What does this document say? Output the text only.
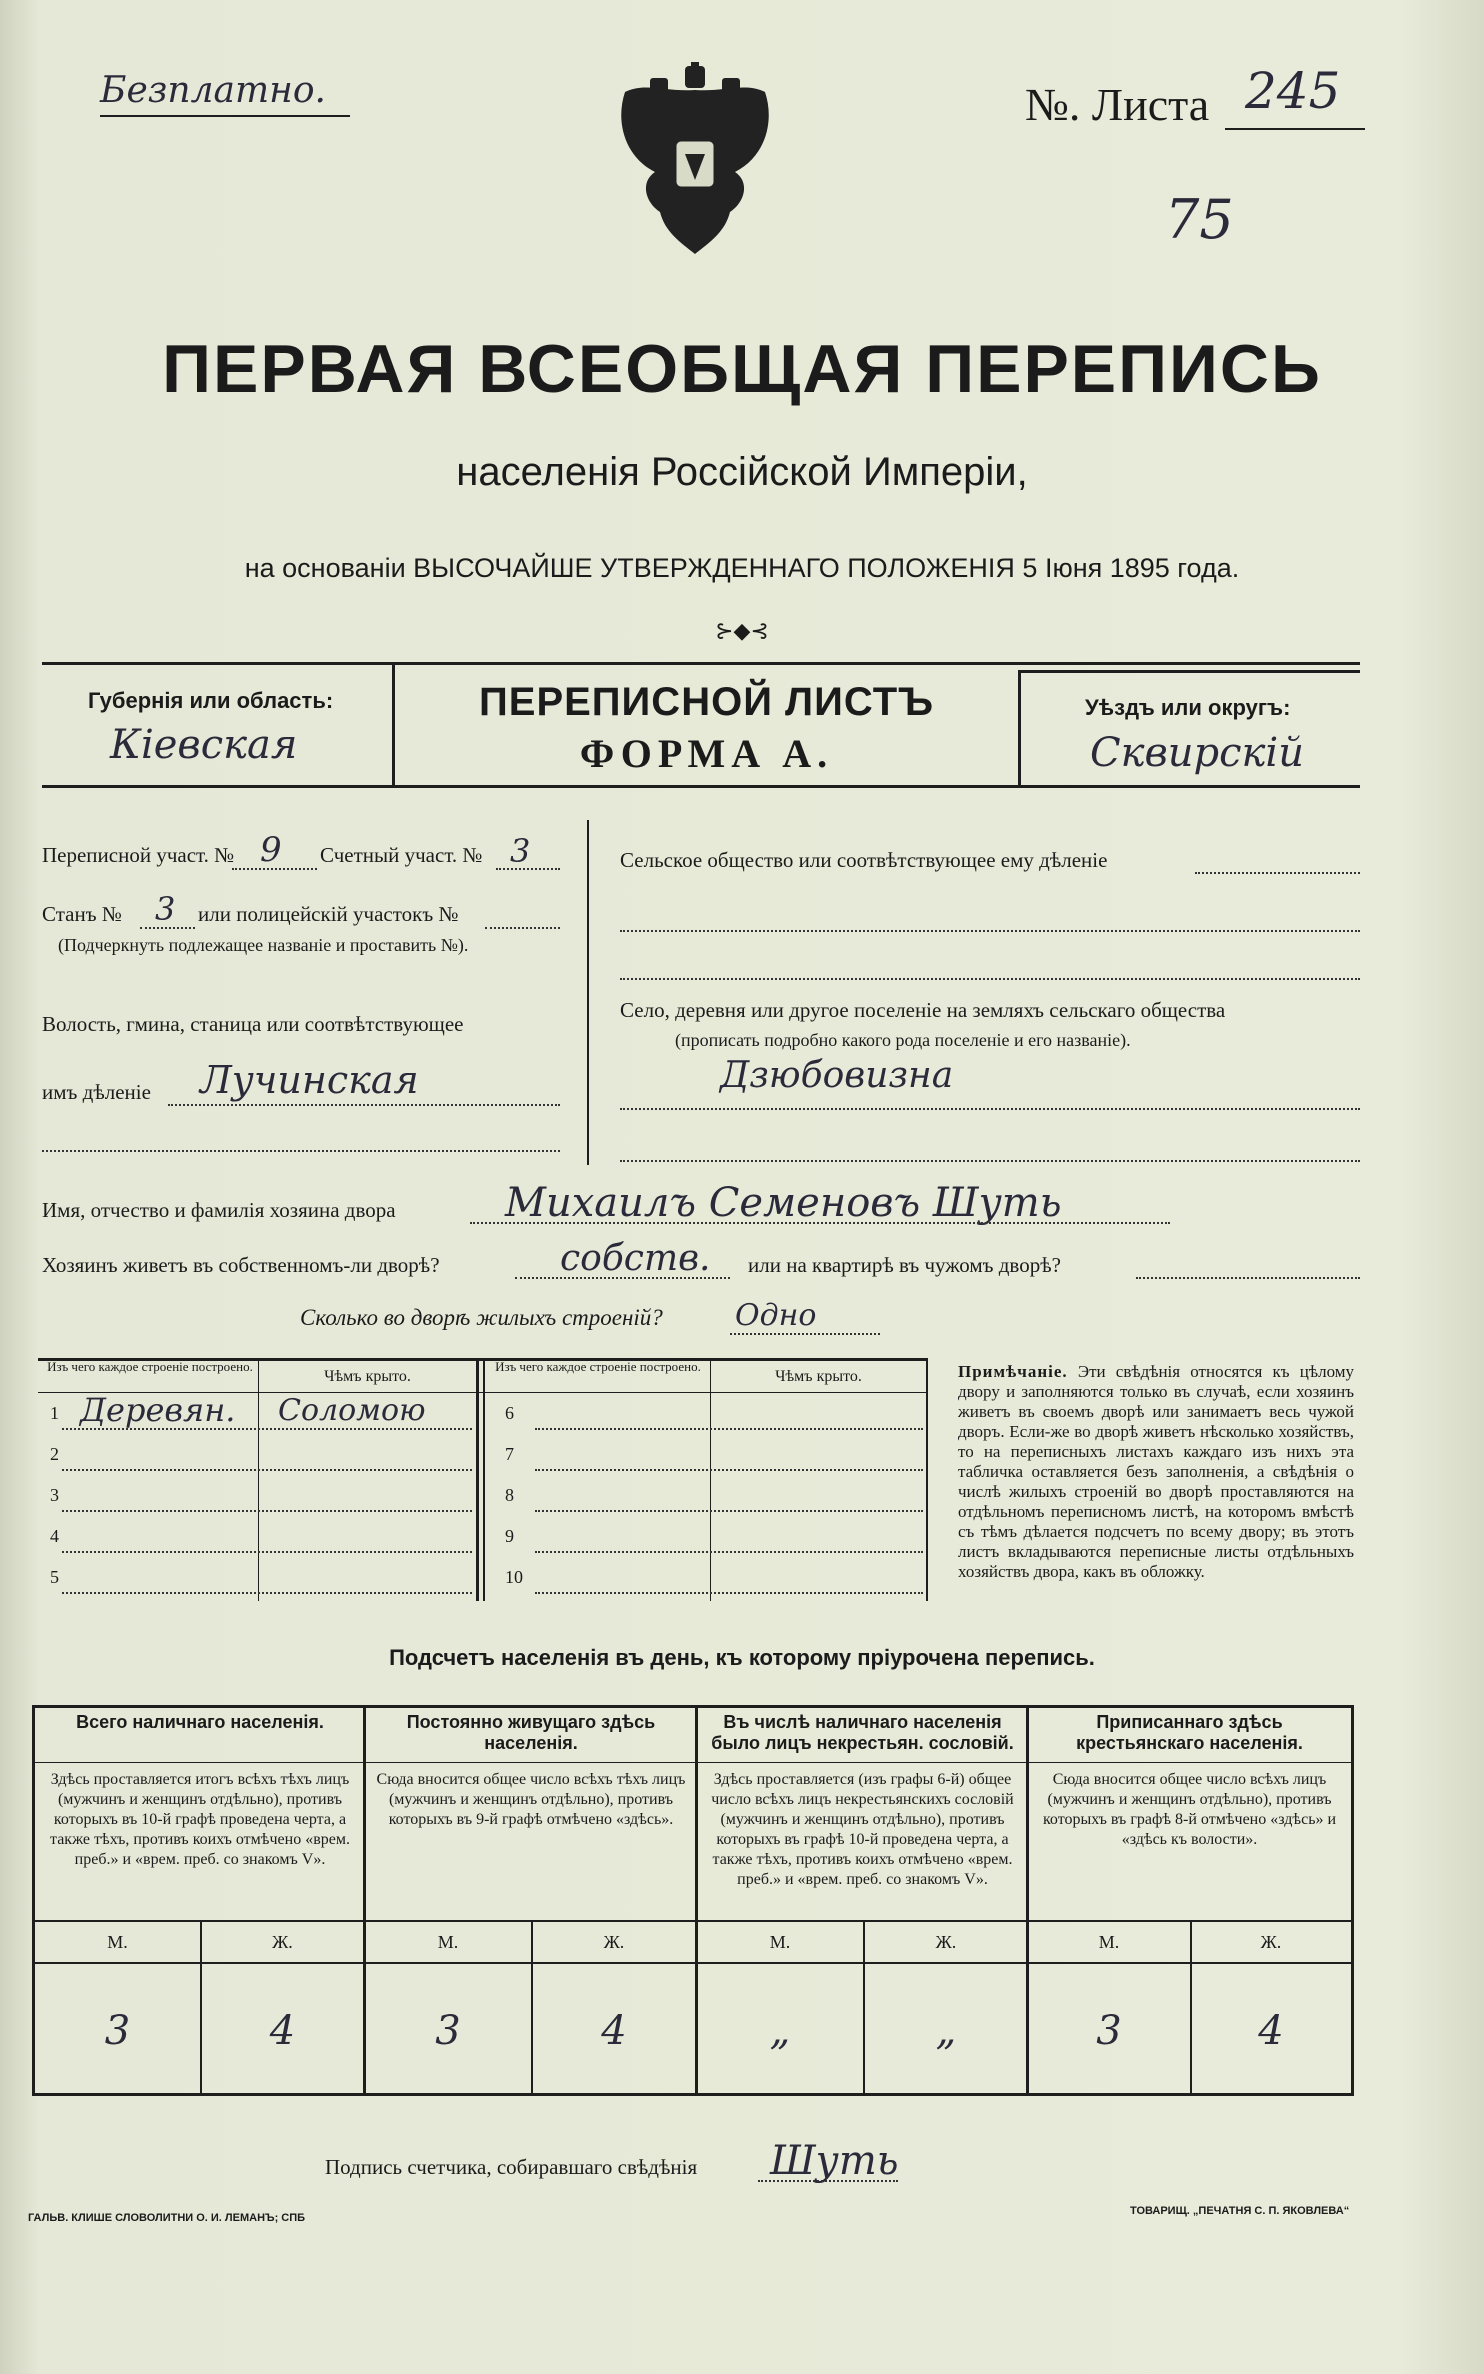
Безплатно.	№. Листа 245
75
ПЕРВАЯ ВСЕОБЩАЯ ПЕРЕПИСЬ
населенія Россійской Имперіи,
на основаніи ВЫСОЧАЙШЕ УТВЕРЖДЕННАГО ПОЛОЖЕНІЯ 5 Іюня 1895 года.
⊱◆⊰
Губернія или область:
Кіевская
ПЕРЕПИСНОЙ ЛИСТЪ
ФОРМА А.
Уѣздъ или округъ:
Сквирскій
Переписной участ. № 9 Счетный участ. № 3
Станъ № 3 или полицейскій участокъ №
(Подчеркнуть подлежащее названіе и проставить №).
Волость, гмина, станица или соотвѣтствующее
имъ дѣленіе Лучинская
Сельское общество или соотвѣтствующее ему дѣленіе
Село, деревня или другое поселеніе на земляхъ сельскаго общества
(прописать подробно какого рода поселеніе и его названіе).
Дзюбовизна
Имя, отчество и фамилія хозяина двора	Михаилъ Семеновъ Шуть
Хозяинъ живетъ въ собственномъ-ли дворѣ?	собств. или на квартирѣ въ чужомъ дворѣ?
Сколько во дворѣ жилыхъ строеній? Одно
Изъ чего каждое строеніе построено.
Чѣмъ крыто.
Изъ чего каждое строеніе построено.
Чѣмъ крыто.
1 Деревян. Соломою
2
3
4
5
6
7
8
9
10
Примѣчаніе. Эти свѣдѣнія относятся къ цѣлому двору и заполняются только въ случаѣ, если хозяинъ живетъ въ своемъ дворѣ или занимаетъ весь чужой дворъ. Если-же во дворѣ живетъ нѣсколько хозяйствъ, то на переписныхъ листахъ каждаго изъ нихъ эта табличка оставляется безъ заполненія, а свѣдѣнія о числѣ жилыхъ строеній во дворѣ проставляются на отдѣльномъ переписномъ листѣ, на которомъ вмѣстѣ съ тѣмъ дѣлается подсчетъ по всему двору; въ этотъ листъ вкладываются переписные листы отдѣльныхъ хозяйствъ двора, какъ въ обложку.
Подсчетъ населенія въ день, къ которому пріурочена перепись.
Всего наличнаго населенія.
Здѣсь проставляется итогъ всѣхъ тѣхъ лицъ (мужчинъ и женщинъ отдѣльно), противъ которыхъ въ 10-й графѣ проведена черта, а также тѣхъ, противъ коихъ отмѣчено «врем. преб.» и «врем. преб. со знакомъ V».
М.	Ж.
3	4
Постоянно живущаго здѣсь населенія.
Сюда вносится общее число всѣхъ тѣхъ лицъ (мужчинъ и женщинъ отдѣльно), противъ которыхъ въ 9-й графѣ отмѣчено «здѣсь».
М.	Ж.
3	4
Въ числѣ наличнаго населенія было лицъ некрестьян. сословій.
Здѣсь проставляется (изъ графы 6-й) общее число всѣхъ лицъ некрестьянскихъ сословій (мужчинъ и женщинъ отдѣльно), противъ которыхъ въ графѣ 10-й проведена черта, а также тѣхъ, противъ коихъ отмѣчено «врем. преб.» и «врем. преб. со знакомъ V».
М.	Ж.
„	„
Приписаннаго здѣсь крестьянскаго населенія.
Сюда вносится общее число всѣхъ лицъ (мужчинъ и женщинъ отдѣльно), противъ которыхъ въ графѣ 8-й отмѣчено «здѣсь» и «здѣсь къ волости».
М.	Ж.
3	4
Подпись счетчика, собиравшаго свѣдѣнія Шуть
ГАЛЬВ. КЛИШЕ СЛОВОЛИТНИ О. И. ЛЕМАНЪ; СПБ
ТОВАРИЩ. „ПЕЧАТНЯ С. П. ЯКОВЛЕВА“
